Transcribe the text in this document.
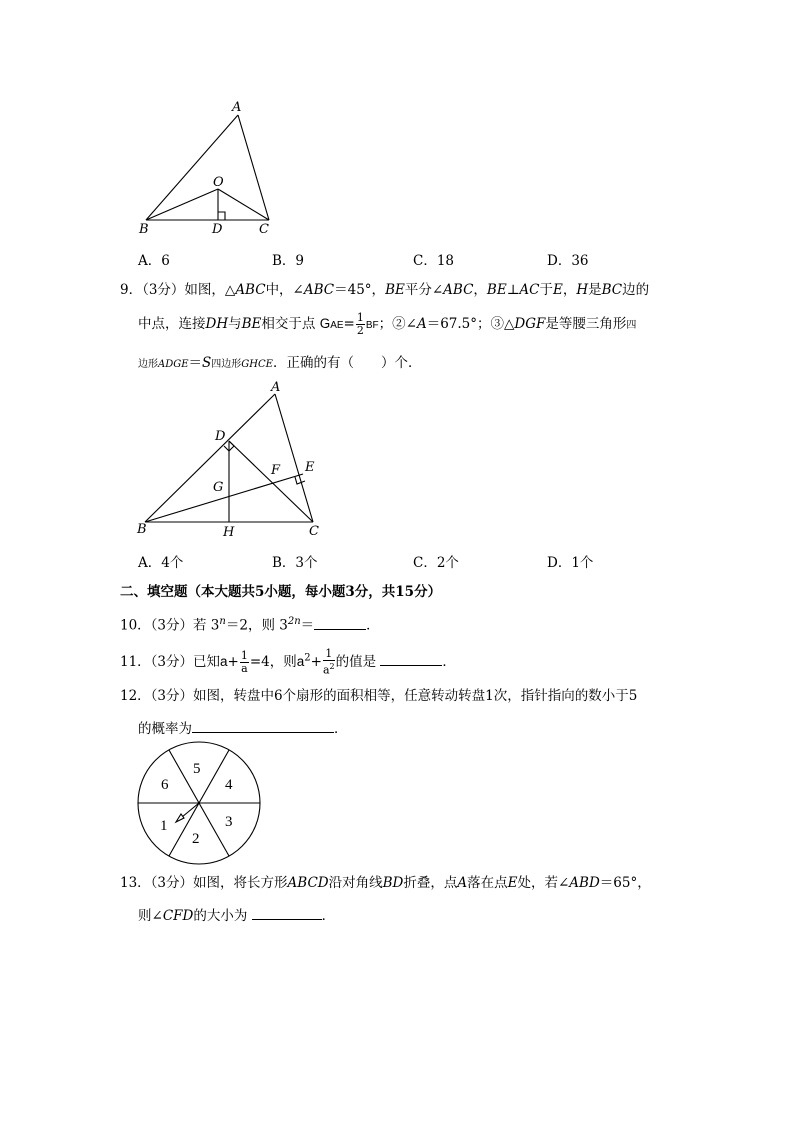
A
O
B	D	C
A．6	B．9	C．18	D．36
9．（3分）如图，△ABC中，∠ABC＝45°，BE平分∠ABC，BE⊥AC于E，H是BC边的
中点，连接DH与BE相交于点 $GAE= \frac{1}{2}$ BF；②∠A＝67.5°；③△DGF是等腰三角形四
边形ADGE＝S四边形GHCE．正确的有（　　）个．
A
D
F E
G
B	H	C
A．4个	B．3个	C．2个	D．1个
二、填空题（本大题共5小题，每小题3分，共15分）
10．（3分）若 $3^n=2$，则 $3^{2n}=$	．
11．（3分）已知$a+ \frac{1}{a} =4$，则$a^2+ \frac{1}{a^2}$ 的值是	．
12．（3分）如图，转盘中6个扇形的面积相等，任意转动转盘1次，指针指向的数小于5
的概率为	．
5
4
6
1	3
2
13．（3分）如图，将长方形ABCD沿对角线BD折叠，点A落在点E处，若∠ABD＝65°，
则∠CFD的大小为	．
